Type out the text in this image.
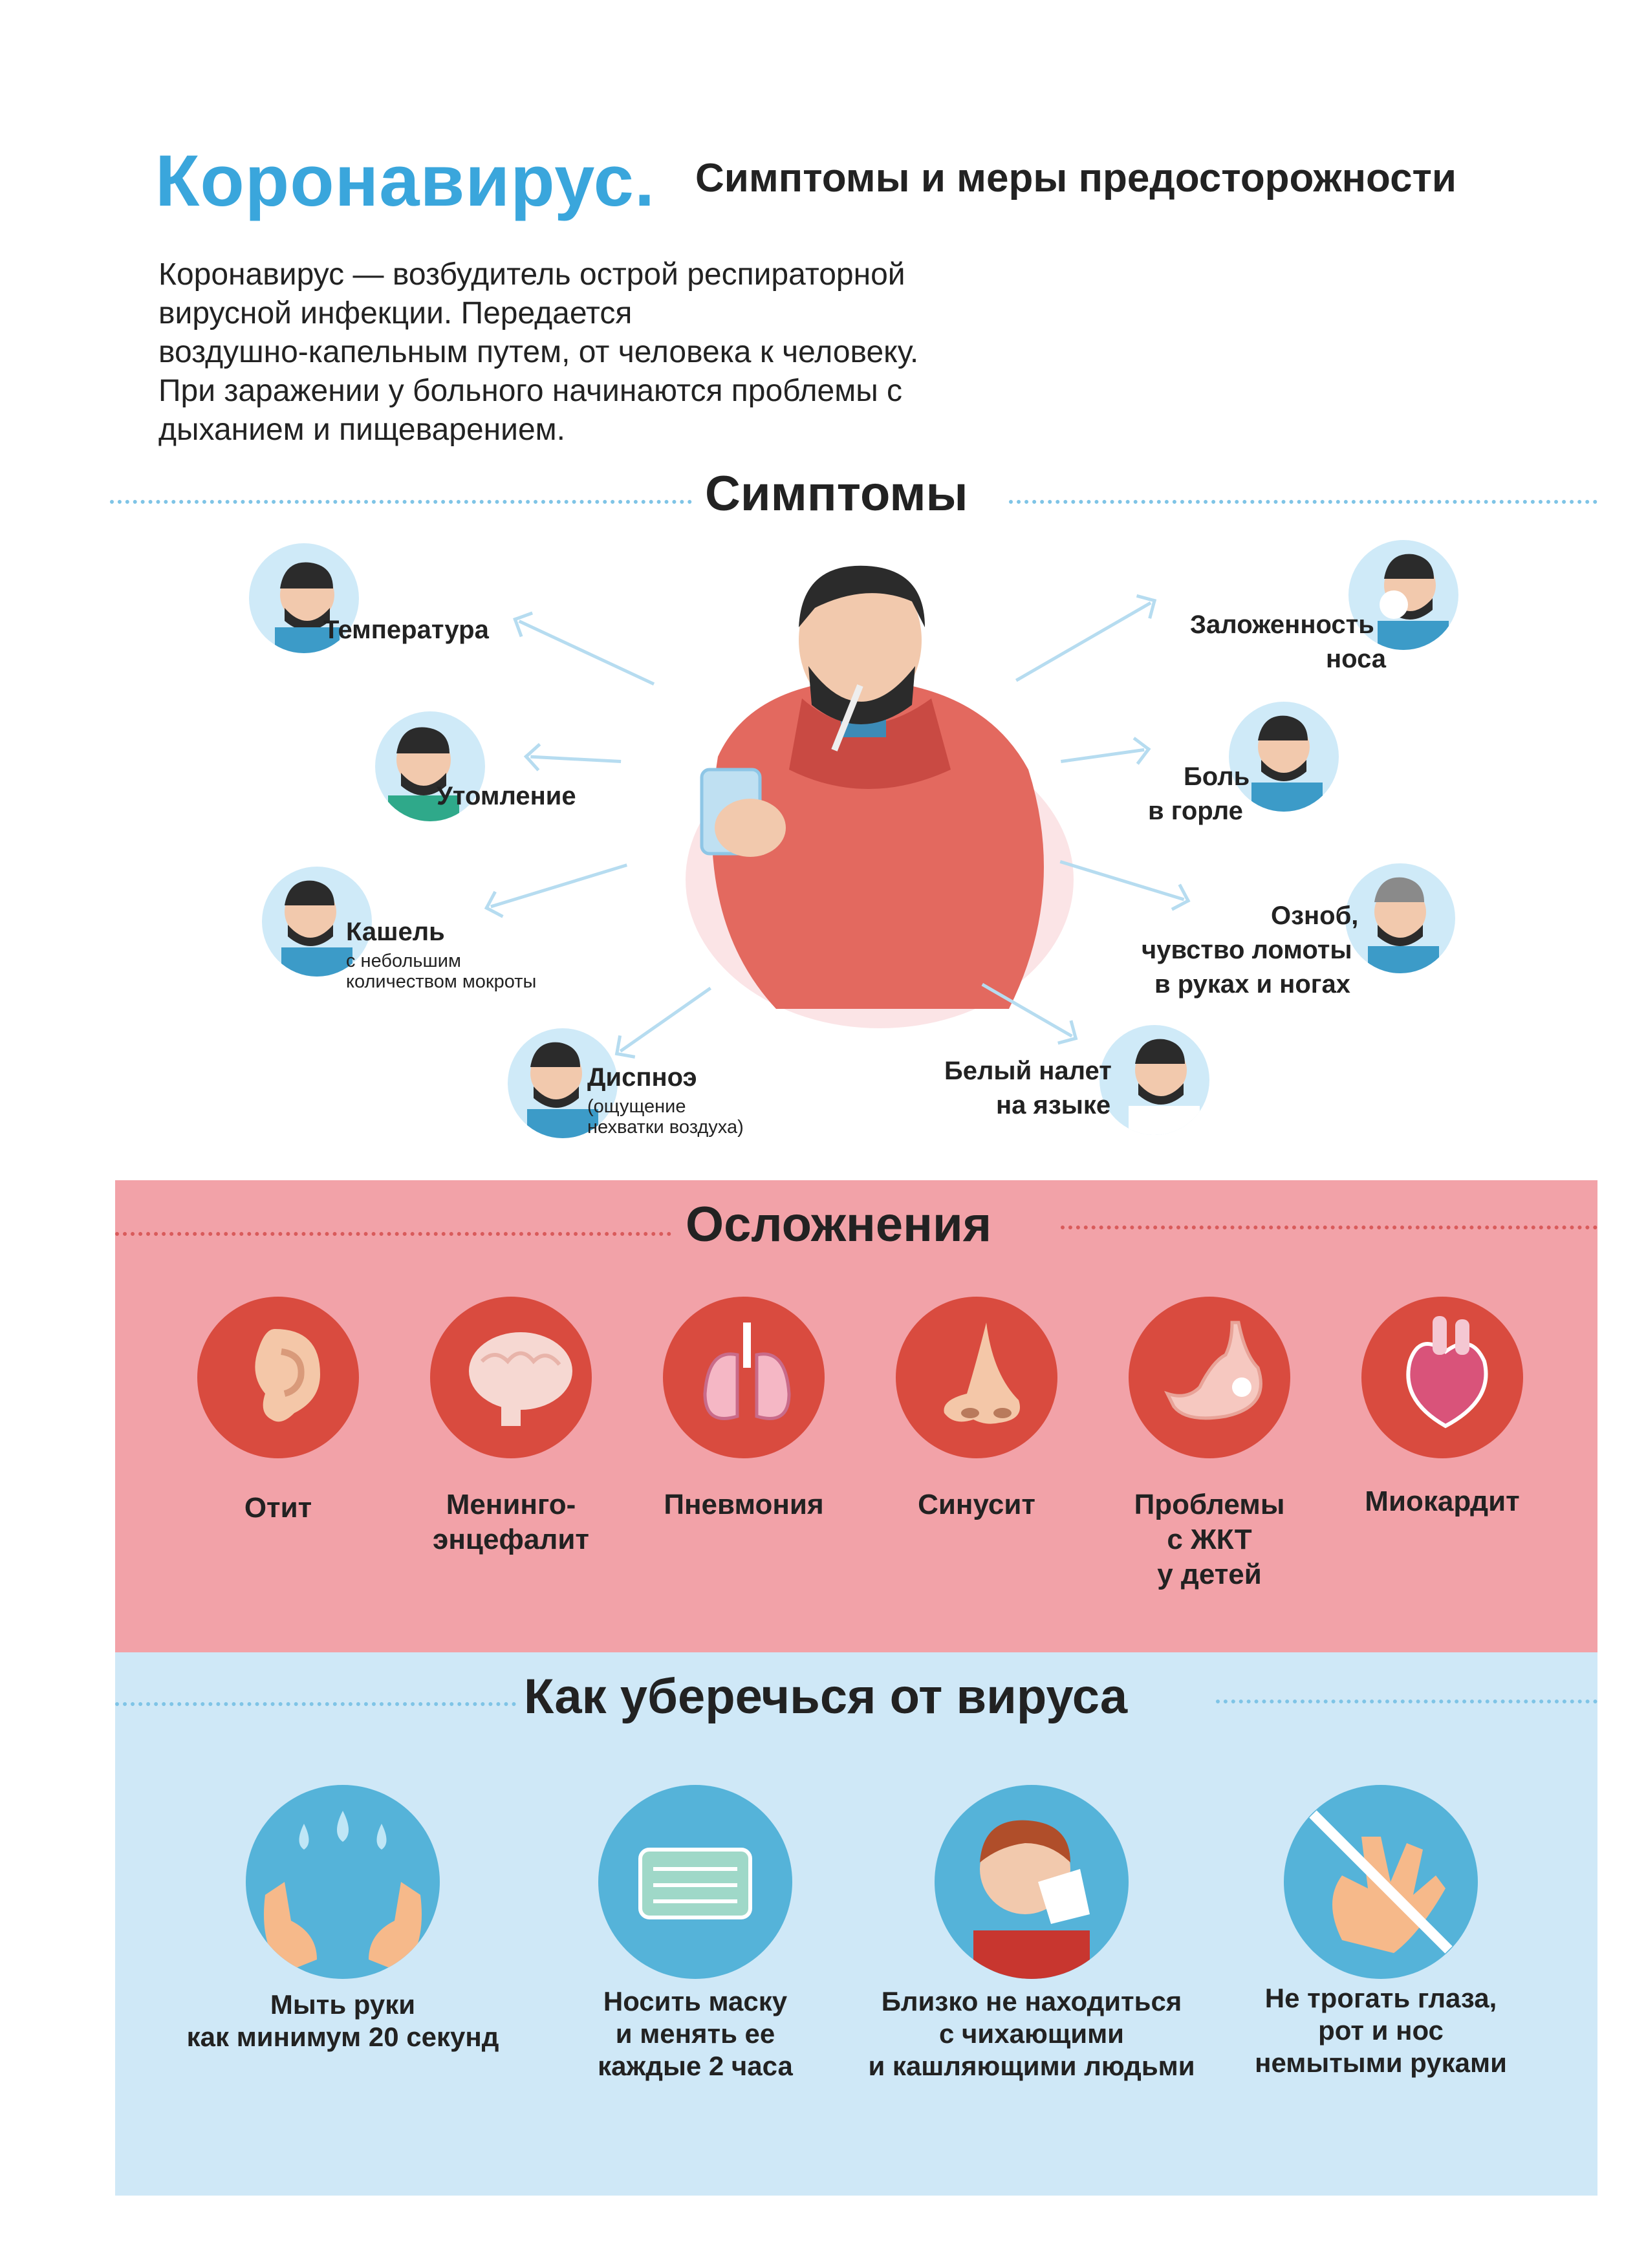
Коронавирус. Симптомы и меры предосторожности
Коронавирус — возбудитель острой респираторной
вирусной инфекции. Передается
воздушно-капельным путем, от человека к человеку.
При заражении у больного начинаются проблемы с
дыханием и пищеварением.
Симптомы
Температура
Утомление
Кашель
с небольшим
количеством мокроты
Диспноэ
(ощущение
нехватки воздуха)
Белый налет
на языке
Озноб,
чувство ломоты
в руках и ногах
Боль
в горле
Заложенность
носа
Осложнения
Отит	Менинго-
энцефалит
Пневмония	Синусит	Проблемы
с ЖКТ
у детей
Миокардит
Как уберечься от вируса
Мыть руки
как минимум 20 секунд
Носить маску
и менять ее
каждые 2 часа
Близко не находиться
с чихающими
и кашляющими людьми
Не трогать глаза,
рот и нос
немытыми руками
